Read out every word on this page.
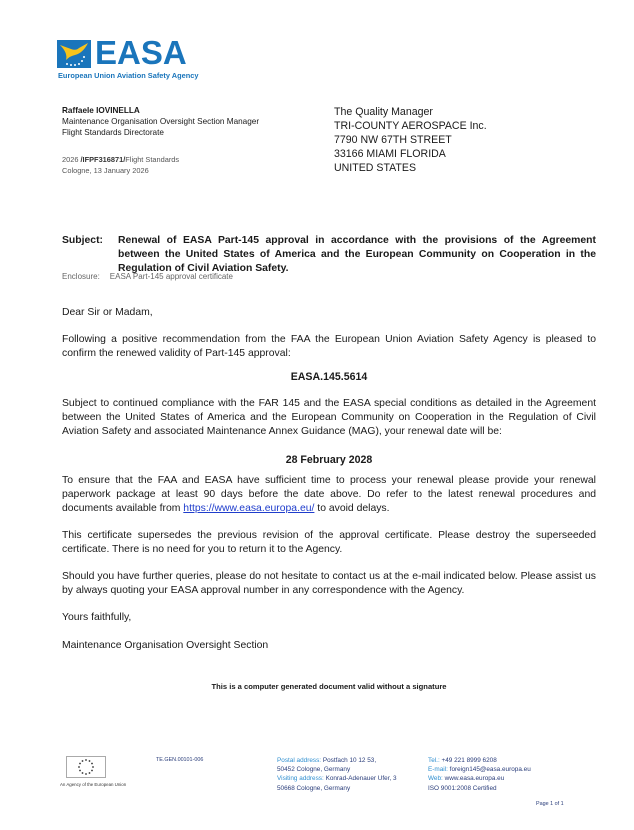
EASA
European Union Aviation Safety Agency
Raffaele IOVINELLA
Maintenance Organisation Oversight Section Manager
Flight Standards Directorate
2026 /IFPF316871/Flight Standards
Cologne, 13 January 2026
The Quality Manager
TRI-COUNTY AEROSPACE Inc.
7790 NW 67TH STREET
33166 MIAMI FLORIDA
UNITED STATES
Subject: Renewal of EASA Part-145 approval in accordance with the provisions of the Agreement between the United States of America and the European Community on Cooperation in the Regulation of Civil Aviation Safety.
Enclosure: EASA Part-145 approval certificate
Dear Sir or Madam,
Following a positive recommendation from the FAA the European Union Aviation Safety Agency is pleased to confirm the renewed validity of Part-145 approval:
EASA.145.5614
Subject to continued compliance with the FAR 145 and the EASA special conditions as detailed in the Agreement between the United States of America and the European Community on Cooperation in the Regulation of Civil Aviation Safety and associated Maintenance Annex Guidance (MAG), your renewal date will be:
28 February 2028
To ensure that the FAA and EASA have sufficient time to process your renewal please provide your renewal paperwork package at least 90 days before the date above. Do refer to the latest renewal procedures and documents available from https://www.easa.europa.eu/ to avoid delays.
This certificate supersedes the previous revision of the approval certificate. Please destroy the superseeded certificate. There is no need for you to return it to the Agency.
Should you have further queries, please do not hesitate to contact us at the e-mail indicated below. Please assist us by always quoting your EASA approval number in any correspondence with the Agency.
Yours faithfully,
Maintenance Organisation Oversight Section
This is a computer generated document valid without a signature
An Agency of the European Union
TE.GEN.00101-006	Postal address: Postfach 10 12 53,
50452 Cologne, Germany
Visiting address: Konrad-Adenauer Ufer, 3
50668 Cologne, Germany
Tel.: +49 221 8999 6208
E-mail: foreign145@easa.europa.eu
Web: www.easa.europa.eu
ISO 9001:2008 Certified
Page 1 of 1
